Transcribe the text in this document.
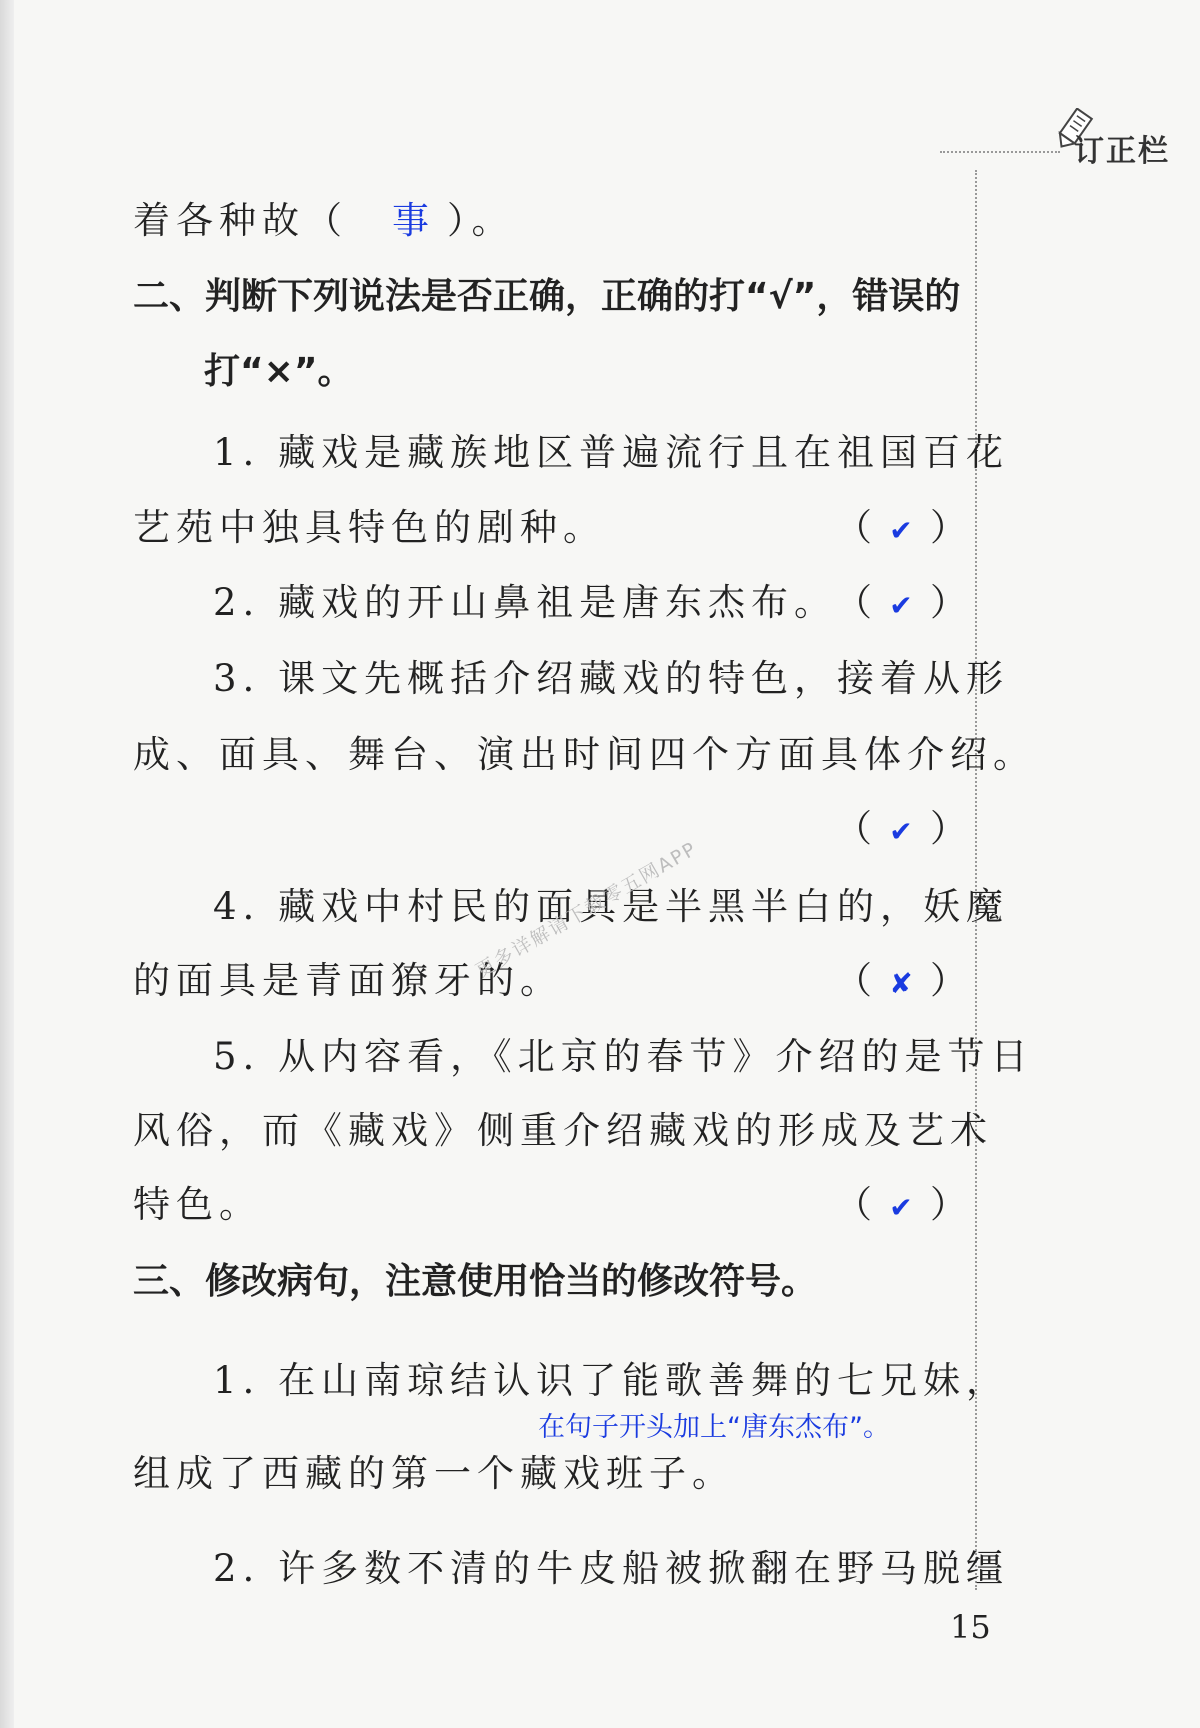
订正栏
着各种故（ 事 ）。
二、判断下列说法是否正确，正确的打“√”，错误的
打“×”。
1. 藏戏是藏族地区普遍流行且在祖国百花
艺苑中独具特色的剧种。	（ ✔ ）
2. 藏戏的开山鼻祖是唐东杰布。
（ ✔ ）
3. 课文先概括介绍藏戏的特色，接着从形
成、面具、舞台、演出时间四个方面具体介绍。
（ ✔ ）
4. 藏戏中村民的面具是半黑半白的，妖魔
的面具是青面獠牙的。	（ ✘ ）
5. 从内容看，《北京的春节》介绍的是节日
风俗，而《藏戏》侧重介绍藏戏的形成及艺术
特色。	（ ✔ ）
三、修改病句，注意使用恰当的修改符号。
1. 在山南琼结认识了能歌善舞的七兄妹，
在句子开头加上“唐东杰布”。
组成了西藏的第一个藏戏班子。
2. 许多数不清的牛皮船被掀翻在野马脱缰
更多详解请下载零五网APP
15
